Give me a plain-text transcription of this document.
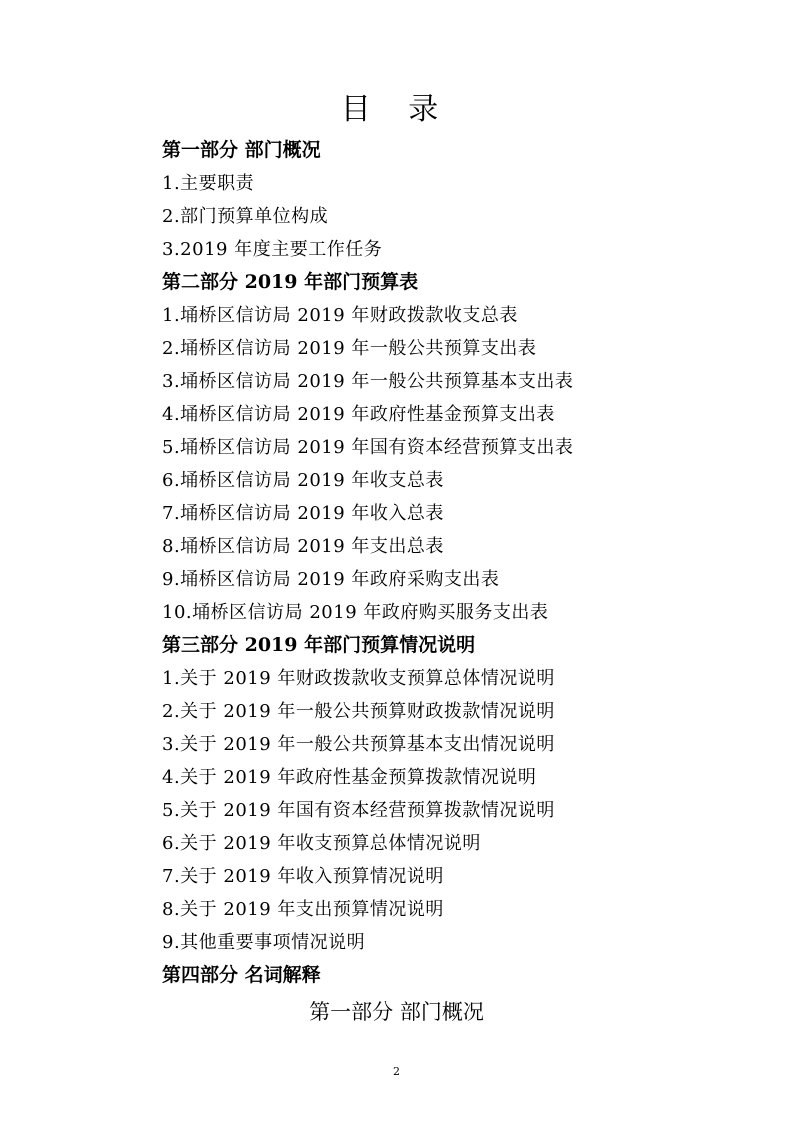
目 录
第一部分 部门概况
1.主要职责
2.部门预算单位构成
3.2019 年度主要工作任务
第二部分 2019 年部门预算表
1.埇桥区信访局 2019 年财政拨款收支总表
2.埇桥区信访局 2019 年一般公共预算支出表
3.埇桥区信访局 2019 年一般公共预算基本支出表
4.埇桥区信访局 2019 年政府性基金预算支出表
5.埇桥区信访局 2019 年国有资本经营预算支出表
6.埇桥区信访局 2019 年收支总表
7.埇桥区信访局 2019 年收入总表
8.埇桥区信访局 2019 年支出总表
9.埇桥区信访局 2019 年政府采购支出表
10.埇桥区信访局 2019 年政府购买服务支出表
第三部分 2019 年部门预算情况说明
1.关于 2019 年财政拨款收支预算总体情况说明
2.关于 2019 年一般公共预算财政拨款情况说明
3.关于 2019 年一般公共预算基本支出情况说明
4.关于 2019 年政府性基金预算拨款情况说明
5.关于 2019 年国有资本经营预算拨款情况说明
6.关于 2019 年收支预算总体情况说明
7.关于 2019 年收入预算情况说明
8.关于 2019 年支出预算情况说明
9.其他重要事项情况说明
第四部分 名词解释
第一部分 部门概况
2
